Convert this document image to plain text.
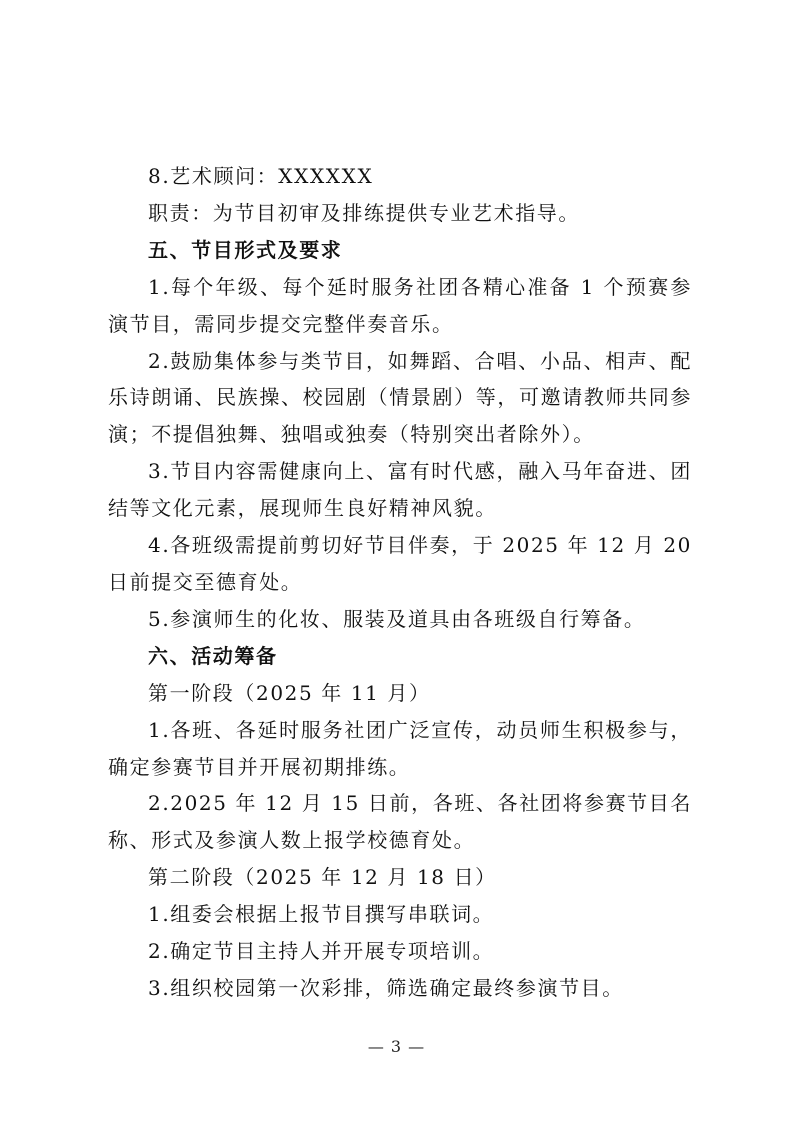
8.艺术顾问：XXXXXX

职责：为节目初审及排练提供专业艺术指导。

五、节目形式及要求

1.每个年级、每个延时服务社团各精心准备 1 个预赛参演节目，需同步提交完整伴奏音乐。

2.鼓励集体参与类节目，如舞蹈、合唱、小品、相声、配乐诗朗诵、民族操、校园剧（情景剧）等，可邀请教师共同参演；不提倡独舞、独唱或独奏（特别突出者除外）。

3.节目内容需健康向上、富有时代感，融入马年奋进、团结等文化元素，展现师生良好精神风貌。

4.各班级需提前剪切好节目伴奏，于 2025 年 12 月 20 日前提交至德育处。

5.参演师生的化妆、服装及道具由各班级自行筹备。

六、活动筹备

第一阶段（2025 年 11 月）

1.各班、各延时服务社团广泛宣传，动员师生积极参与，确定参赛节目并开展初期排练。

2.2025 年 12 月 15 日前，各班、各社团将参赛节目名称、形式及参演人数上报学校德育处。

第二阶段（2025 年 12 月 18 日）

1.组委会根据上报节目撰写串联词。

2.确定节目主持人并开展专项培训。

3.组织校园第一次彩排，筛选确定最终参演节目。

— 3 —
